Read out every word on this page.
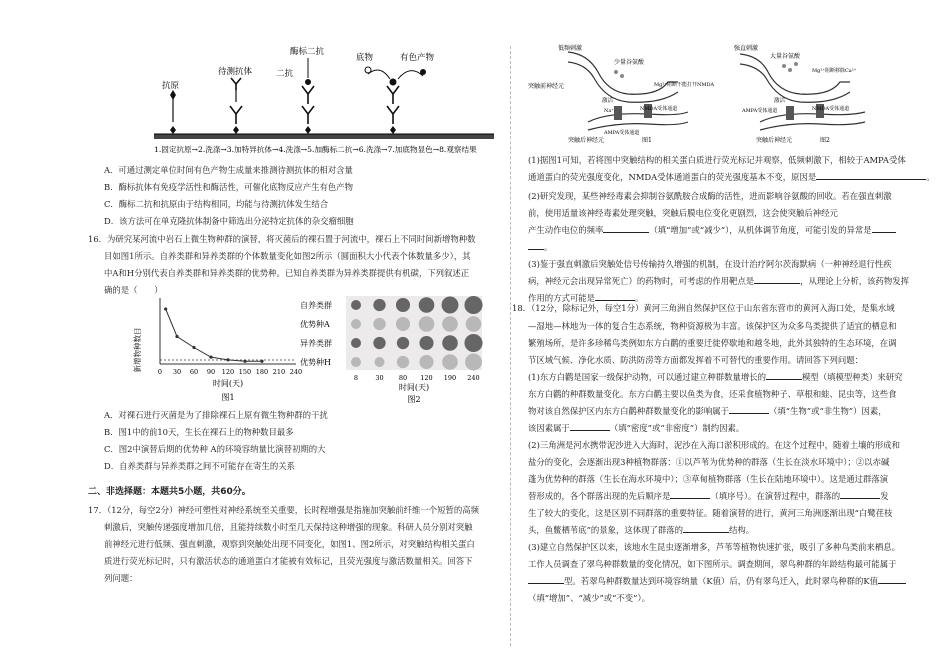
抗原
待测抗体
酶标二抗
二抗
底物	有色产物
1.固定抗原→2.洗涤→3.加特异抗体→4.洗涤→5.加酶标二抗→6.洗涤→7.加底物显色→8.观察结果
A．可通过测定单位时间有色产物生成量来推测待测抗体的相对含量
B．酶标抗体有免疫学活性和酶活性，可催化底物反应产生有色产物
C．酶标二抗和抗原由于结构相同，均能与待测抗体发生结合
D．该方法可在单克隆抗体制备中筛选出分泌特定抗体的杂交瘤细胞
16．为研究某河流中岩石上微生物种群的演替，将灭菌后的裸石置于河流中，裸石上不同时间新增物种数
目如图1所示。自养类群和异养类群的个体数量变化如图2所示（圆面积大小代表个体数量多少），其
中A和H分别代表自养类群和异养类群的优势种。已知自养类群为异养类群提供有机碳，下列叙述正
确的是（　　）
新增物种数目 0 30 60 90 120 150 180 210 240
时间(天)
图1
自养类群
优势种A
异养类群
优势种H
8	30 80 120 190 240
时间(天)
图2
A．对裸石进行灭菌是为了排除裸石上原有微生物种群的干扰
B．图1中的前10天，生长在裸石上的物种数目最多
C．图2中演替后期的优势种 A的环境容纳量比演替初期的大
D．自养类群与异养类群之间不可能存在寄生的关系
二、非选择题：本题共5小题，共60分。
17．（12分，每空2分）神经可塑性对神经系统至关重要，长时程增强是指施加突触前纤维一个短暂的高频
刺激后，突触传递强度增加几倍，且能持续数小时至几天保持这种增强的现象。科研人员分别对突触
前神经元进行低频、强直刺激，观察到突触处出现不同变化，如图1、图2所示，对突触结构相关蛋白
质进行荧光标记时，只有激活状态的通道蛋白才能被有效标记，且荧光强度与激活数量相关。回答下
列问题：
低频刺激
少量谷氨酸
Mg²⁺阻断不能打开NMDA
NMDA受体通道
激活
Na⁺
AMPA受体通道
突触前神经元
突触后神经元	图1
强直刺激
大量谷氨酸
Mg²⁺阻断移除Ca²⁺
激活
AMPA受体通道	NMDA受体通道
突触后神经元	图2
(1)据图1可知，若将图中突触结构的相关蛋白质进行荧光标记并观察，低频刺激下，相较于AMPA受体
通道蛋白的荧光强度变化，NMDA受体通道蛋白的荧光强度基本不变，原因是	。
(2)研究发现，某些神经毒素会抑制谷氨酰胺合成酶的活性，进而影响谷氨酸的回收。若在强直刺激
前，使用适量该神经毒素处理突触，突触后膜电位变化更剧烈，这会使突触后神经元
产生动作电位的频率	（填“增加”或“减少”），从机体调节角度，可能引发的异常是
。
(3)鉴于强直刺激后突触处信号传输持久增强的机制，在设计治疗阿尔茨海默病（一种神经退行性疾
病，神经元会出现异常死亡）的药物时，可考虑的作用靶点是	，从理论上分析，该药物发挥
作用的方式可能是	。
18．（12分，除标记外，每空1分）黄河三角洲自然保护区位于山东省东营市的黄河入海口处，是集水域
—湿地—林地为一体的复合生态系统，物种资源极为丰富。该保护区为众多鸟类提供了适宜的栖息和
繁殖场所，是许多珍稀鸟类例如东方白鹳的重要迁徙停歇地和越冬地，此外其独特的生态环境，在调
节区域气候、净化水质、防洪防涝等方面都发挥着不可替代的重要作用。请回答下列问题：
(1)东方白鹳是国家一级保护动物，可以通过建立种群数量增长的	模型（填模型种类）来研究
东方白鹳的种群数量变化。东方白鹳主要以鱼类为食，还采食植物种子、草根和蛙、昆虫等，这些食
物对该自然保护区内东方白鹳种群数量变化的影响属于	（填“生物”或“非生物”）因素，
该因素属于	（填“密度”或“非密度”）制约因素。
(2)三角洲是河水携带泥沙进入大海时，泥沙在入海口淤积形成的。在这个过程中，随着土壤的形成和
盐分的变化，会逐渐出现3种植物群落：①以芦苇为优势种的群落（生长在淡水环境中）；②以赤碱
蓬为优势种的群落（生长在海水环境中）；③草甸植物群落（生长在陆地环境中）。这是通过群落演
替形成的，各个群落出现的先后顺序是	（填序号）。在演替过程中，群落的	发
生了较大的变化，这是区别不同群落的重要特征。随着演替的进行，黄河三角洲逐渐出现“白鹭荏枝
头，鱼鳖栖苇底”的景象，这体现了群落的	结构。
(3)建立自然保护区以来，该地水生昆虫逐渐增多，芦苇等植物快速扩张，吸引了多种鸟类前来栖息。
工作人员调查了翠鸟种群数量的变化情况，如下图所示。调查期间，翠鸟种群的年龄结构最可能属于
型。若翠鸟种群数量达到环境容纳量（K值）后，仍有翠鸟迁入，此时翠鸟种群的K值
（填“增加”、“减少”或“不变”）。
